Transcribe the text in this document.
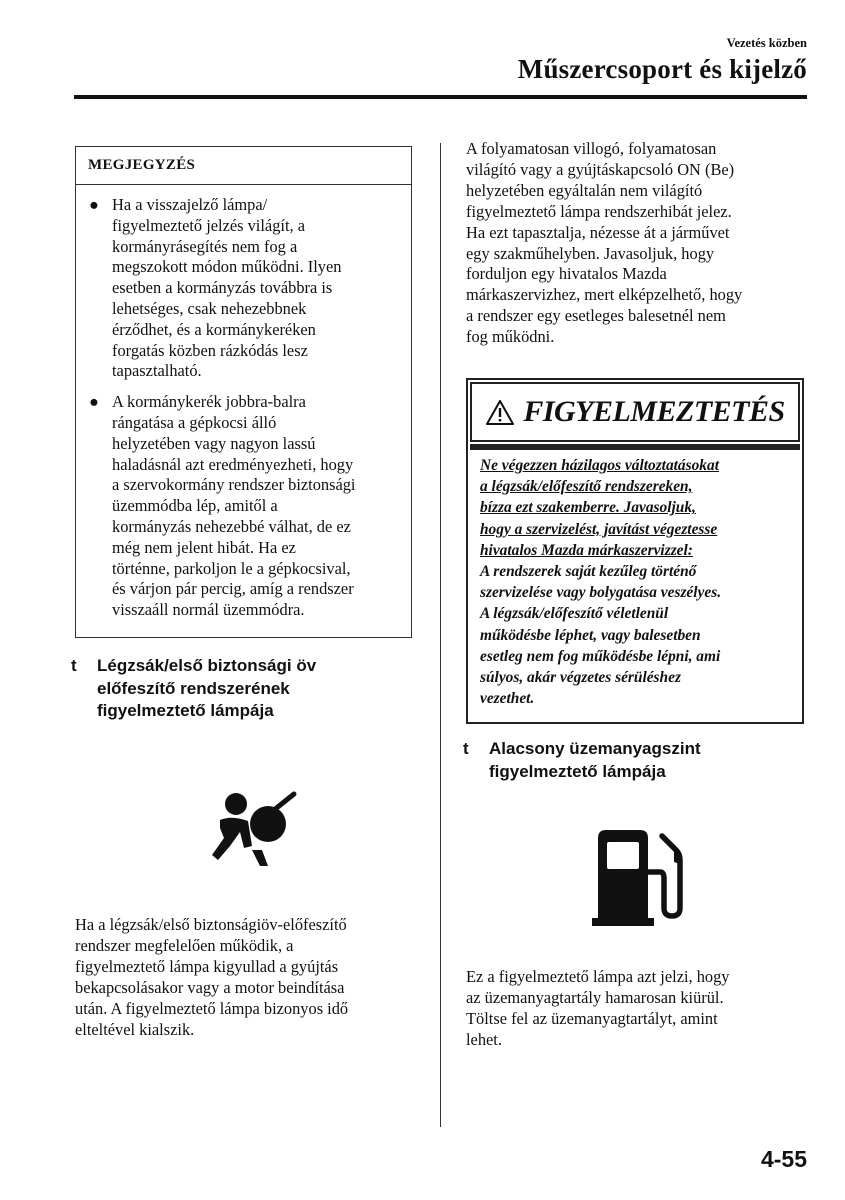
Vezetés közben
Műszercsoport és kijelző
MEGJEGYZÉS
● Ha a visszajelző lámpa/
figyelmeztető jelzés világít, a
kormányrásegítés nem fog a
megszokott módon működni. Ilyen
esetben a kormányzás továbbra is
lehetséges, csak nehezebbnek
érződhet, és a kormánykeréken
forgatás közben rázkódás lesz
tapasztalható.
● A kormánykerék jobbra-balra
rángatása a gépkocsi álló
helyzetében vagy nagyon lassú
haladásnál azt eredményezheti, hogy
a szervokormány rendszer biztonsági
üzemmódba lép, amitől a
kormányzás nehezebbé válhat, de ez
még nem jelent hibát. Ha ez
történne, parkoljon le a gépkocsival,
és várjon pár percig, amíg a rendszer
visszaáll normál üzemmódra.
t Légzsák/első biztonsági öv
előfeszítő rendszerének
figyelmeztető lámpája
Ha a légzsák/első biztonságiöv-előfeszítő
rendszer megfelelően működik, a
figyelmeztető lámpa kigyullad a gyújtás
bekapcsolásakor vagy a motor beindítása
után. A figyelmeztető lámpa bizonyos idő
elteltével kialszik.
A folyamatosan villogó, folyamatosan
világító vagy a gyújtáskapcsoló ON (Be)
helyzetében egyáltalán nem világító
figyelmeztető lámpa rendszerhibát jelez.
Ha ezt tapasztalja, nézesse át a járművet
egy szakműhelyben. Javasoljuk, hogy
forduljon egy hivatalos Mazda
márkaszervizhez, mert elképzelhető, hogy
a rendszer egy esetleges balesetnél nem
fog működni.
FIGYELMEZTETÉS
Ne végezzen házilagos változtatásokat
a légzsák/előfeszítő rendszereken,
bízza ezt szakemberre. Javasoljuk,
hogy a szervizelést, javítást végeztesse
hivatalos Mazda márkaszervizzel:
A rendszerek saját kezűleg történő
szervizelése vagy bolygatása veszélyes.
A légzsák/előfeszítő véletlenül
működésbe léphet, vagy balesetben
esetleg nem fog működésbe lépni, ami
súlyos, akár végzetes sérüléshez
vezethet.
t Alacsony üzemanyagszint
figyelmeztető lámpája
Ez a figyelmeztető lámpa azt jelzi, hogy
az üzemanyagtartály hamarosan kiürül.
Töltse fel az üzemanyagtartályt, amint
lehet.
4-55
